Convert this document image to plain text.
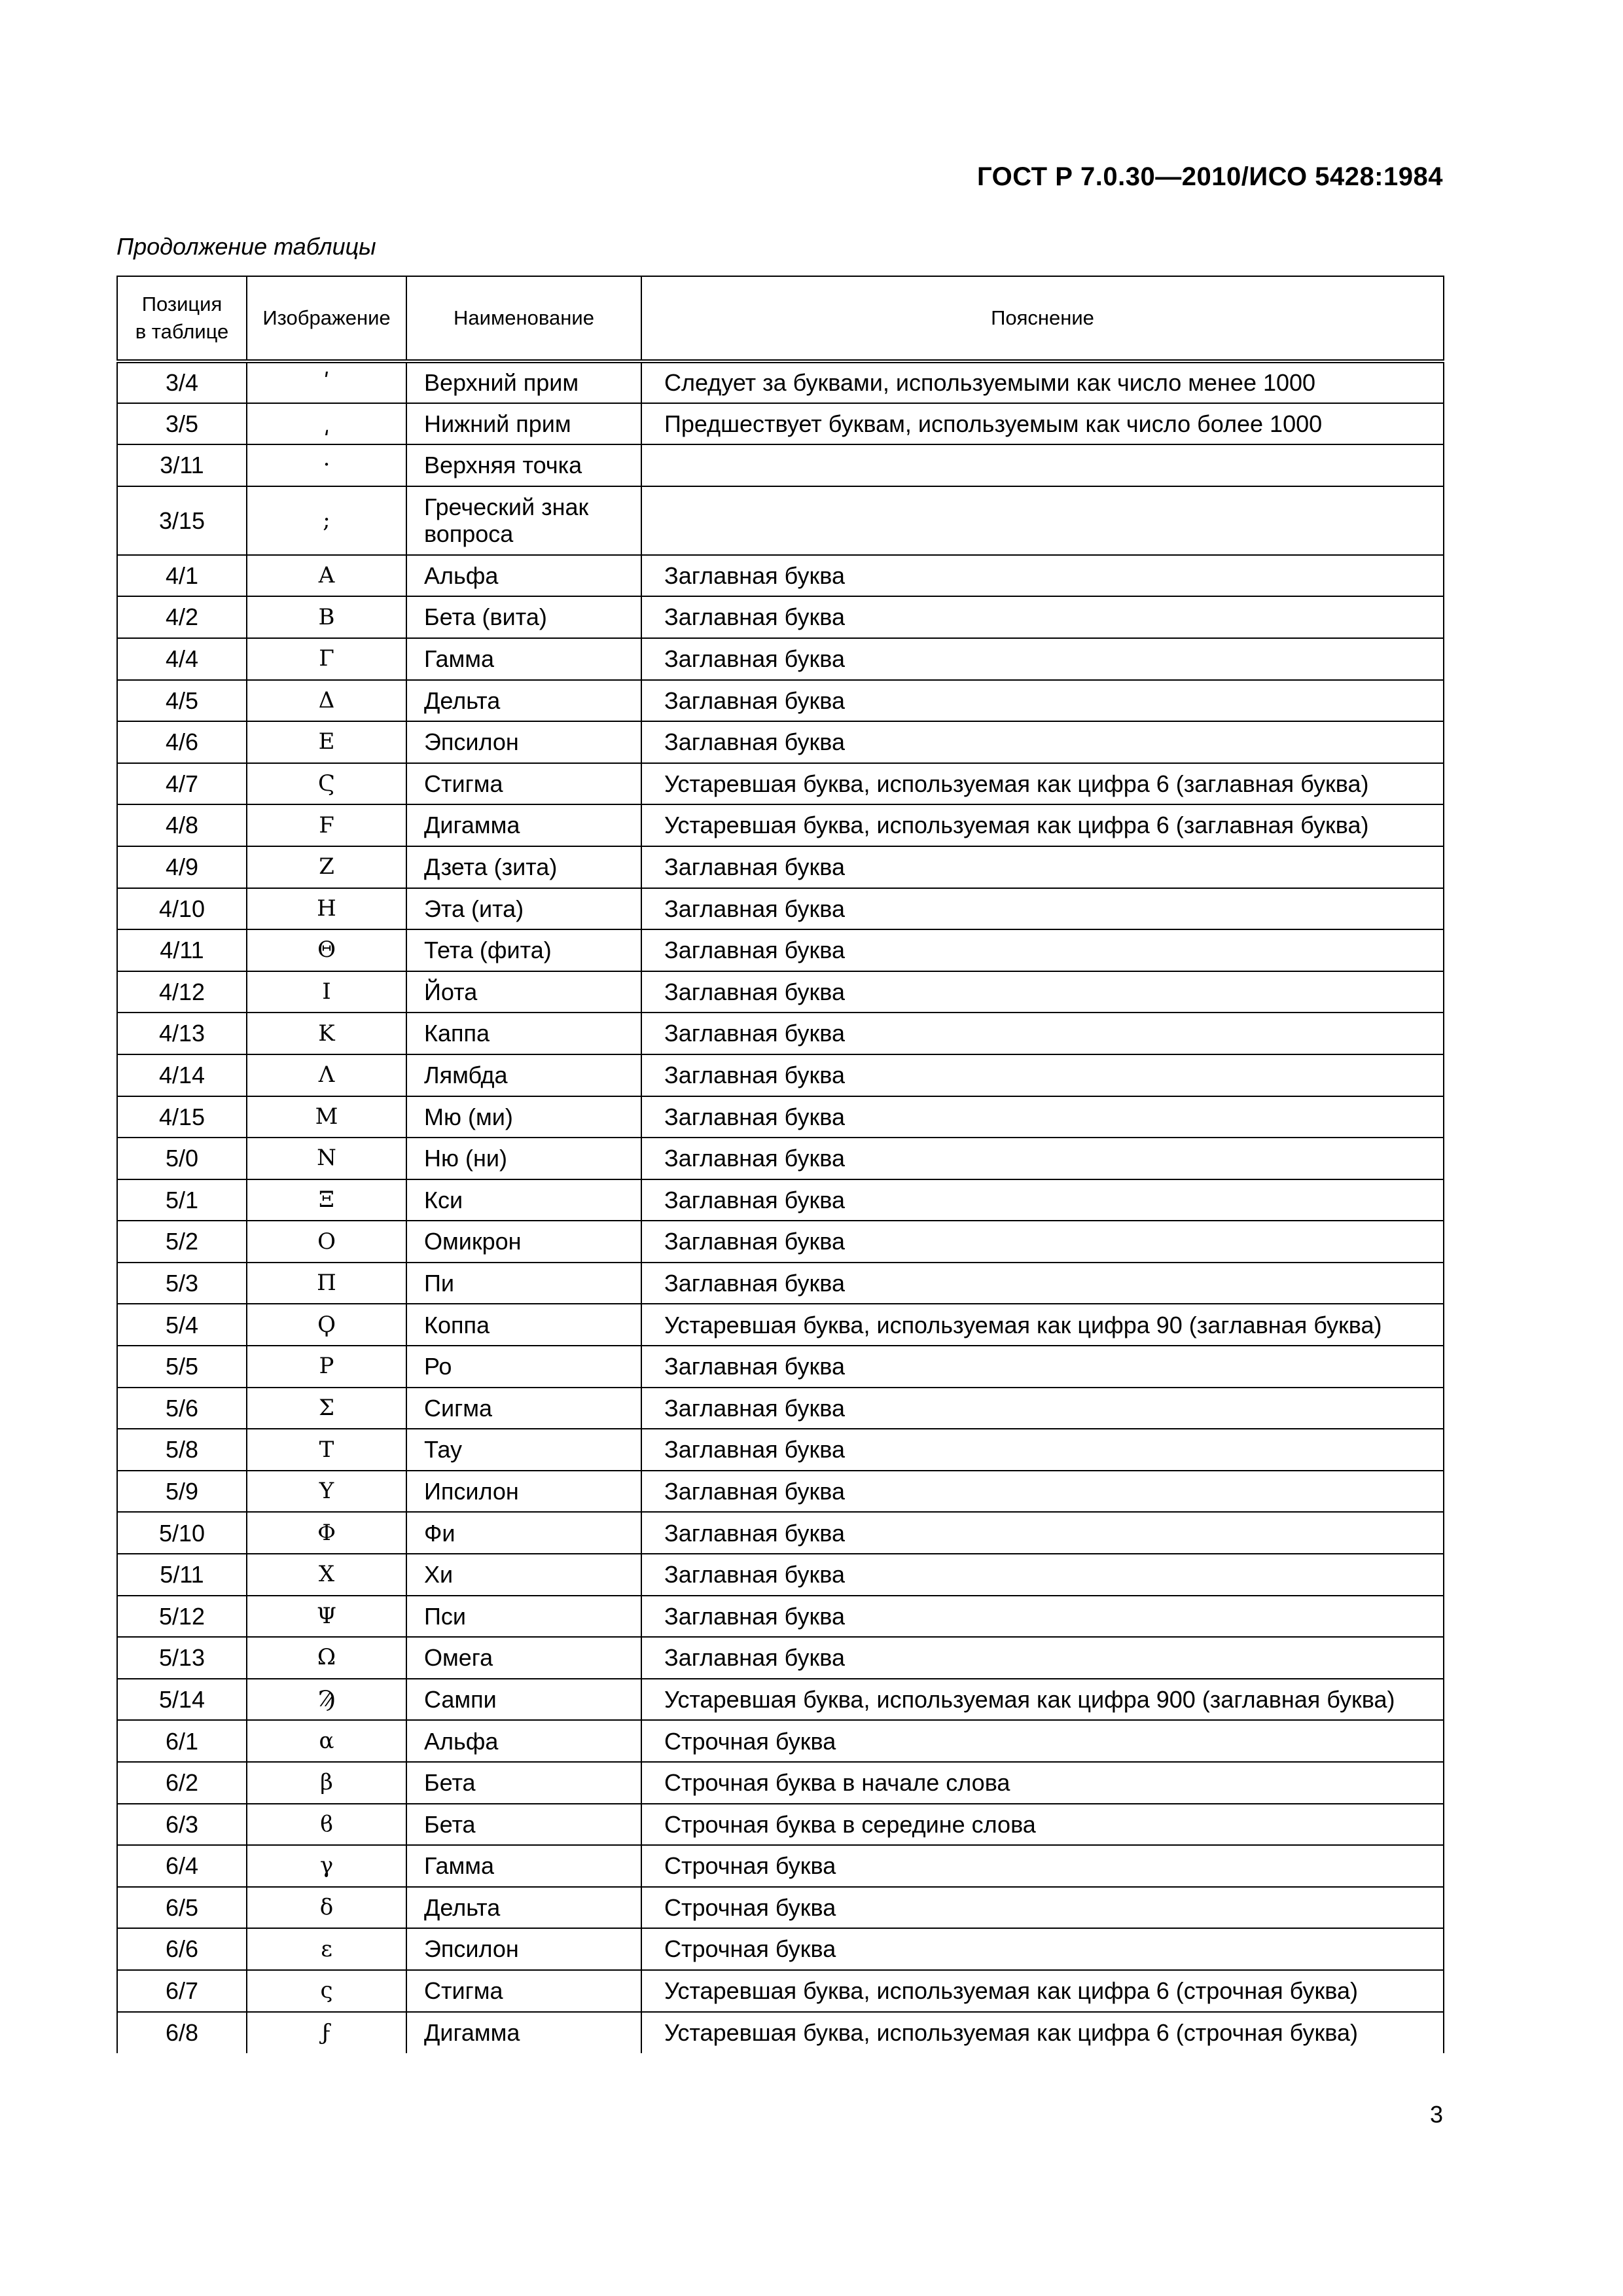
ГОСТ Р 7.0.30—2010/ИСО 5428:1984
Продолжение таблицы
Позиция
в таблице	Изображение	Наименование	Пояснение
3/4	ʹ	Верхний прим	Следует за буквами, используемыми как число менее 1000
3/5	͵	Нижний прим	Предшествует буквам, используемым как число более 1000
3/11	·	Верхняя точка	
3/15	;	Греческий знак вопроса	
4/1	Α	Альфа	Заглавная буква
4/2	Β	Бета (вита)	Заглавная буква
4/4	Γ	Гамма	Заглавная буква
4/5	Δ	Дельта	Заглавная буква
4/6	Ε	Эпсилон	Заглавная буква
4/7	Ϛ	Стигма	Устаревшая буква, используемая как цифра 6 (заглавная буква)
4/8	Ϝ	Дигамма	Устаревшая буква, используемая как цифра 6 (заглавная буква)
4/9	Ζ	Дзета (зита)	Заглавная буква
4/10	Η	Эта (ита)	Заглавная буква
4/11	Θ	Тета (фита)	Заглавная буква
4/12	Ι	Йота	Заглавная буква
4/13	Κ	Каппа	Заглавная буква
4/14	Λ	Лямбда	Заглавная буква
4/15	Μ	Мю (ми)	Заглавная буква
5/0	Ν	Ню (ни)	Заглавная буква
5/1	Ξ	Кси	Заглавная буква
5/2	Ο	Омикрон	Заглавная буква
5/3	Π	Пи	Заглавная буква
5/4	Ϙ	Коппа	Устаревшая буква, используемая как цифра 90 (заглавная буква)
5/5	Ρ	Ро	Заглавная буква
5/6	Σ	Сигма	Заглавная буква
5/8	Τ	Тау	Заглавная буква
5/9	Υ	Ипсилон	Заглавная буква
5/10	Φ	Фи	Заглавная буква
5/11	Χ	Хи	Заглавная буква
5/12	Ψ	Пси	Заглавная буква
5/13	Ω	Омега	Заглавная буква
5/14	Ϡ	Сампи	Устаревшая буква, используемая как цифра 900 (заглавная буква)
6/1	α	Альфа	Строчная буква
6/2	β	Бета	Строчная буква в начале слова
6/3	ϐ	Бета	Строчная буква в середине слова
6/4	γ	Гамма	Строчная буква
6/5	δ	Дельта	Строчная буква
6/6	ε	Эпсилон	Строчная буква
6/7	ς	Стигма	Устаревшая буква, используемая как цифра 6 (строчная буква)
6/8	ϝ	Дигамма	Устаревшая буква, используемая как цифра 6 (строчная буква)
3
